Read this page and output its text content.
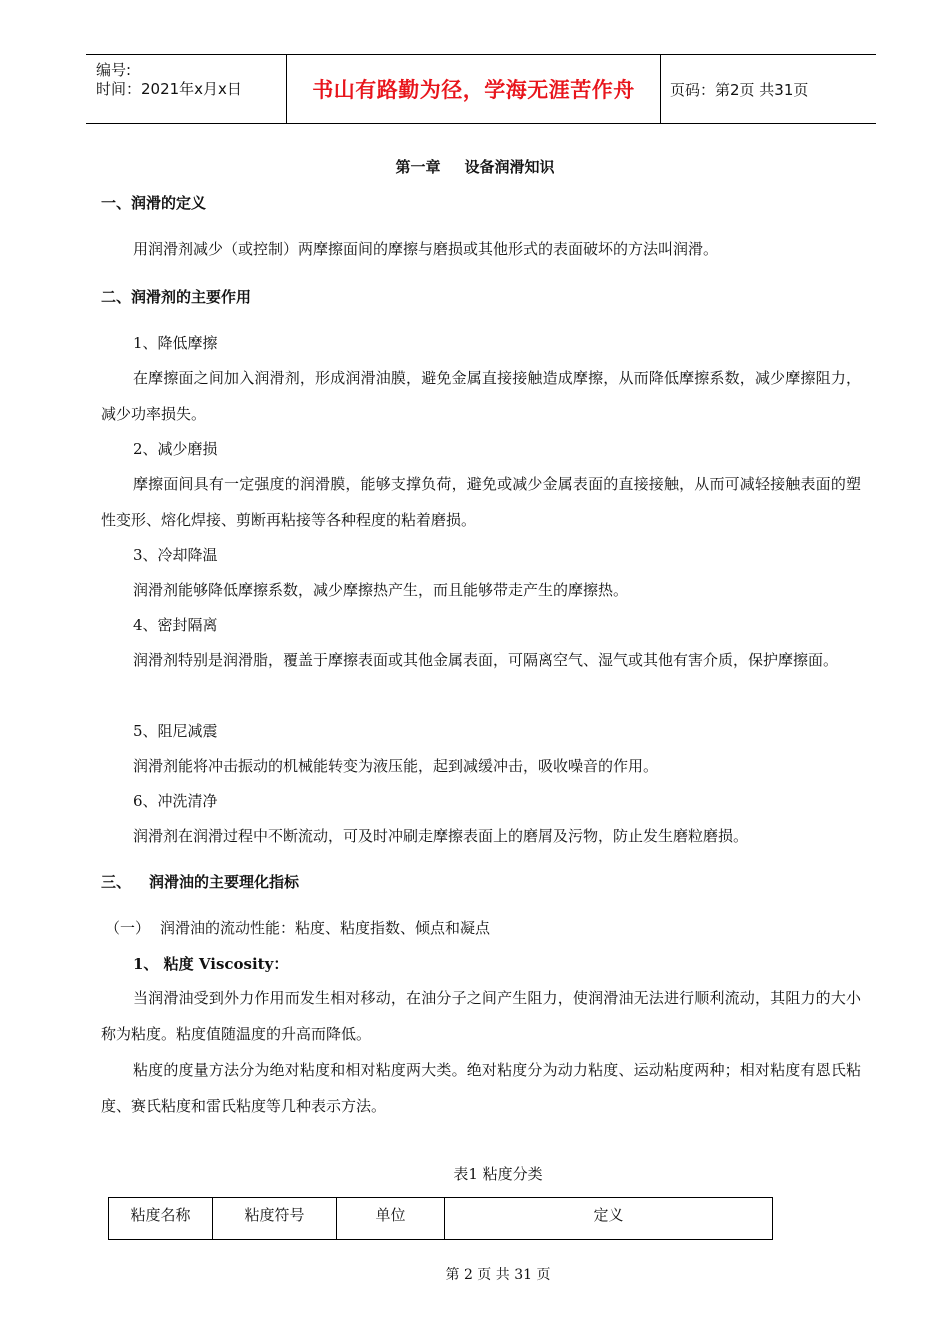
编号:
时间：2021年x月x日	书山有路勤为径，学海无涯苦作舟	页码：第2页 共31页
第一章 设备润滑知识
一、润滑的定义
用润滑剂减少（或控制）两摩擦面间的摩擦与磨损或其他形式的表面破坏的方法叫润滑。
二、润滑剂的主要作用
1、降低摩擦
在摩擦面之间加入润滑剂，形成润滑油膜，避免金属直接接触造成摩擦，从而降低摩擦系数，减少摩擦阻力，减少功率损失。
2、减少磨损
摩擦面间具有一定强度的润滑膜，能够支撑负荷，避免或减少金属表面的直接接触，从而可减轻接触表面的塑性变形、熔化焊接、剪断再粘接等各种程度的粘着磨损。
3、冷却降温
润滑剂能够降低摩擦系数，减少摩擦热产生，而且能够带走产生的摩擦热。
4、密封隔离
润滑剂特别是润滑脂，覆盖于摩擦表面或其他金属表面，可隔离空气、湿气或其他有害介质，保护摩擦面。
5、阻尼减震
润滑剂能将冲击振动的机械能转变为液压能，起到减缓冲击，吸收噪音的作用。
6、冲洗清净
润滑剂在润滑过程中不断流动，可及时冲刷走摩擦表面上的磨屑及污物，防止发生磨粒磨损。
三、 润滑油的主要理化指标
（一） 润滑油的流动性能：粘度、粘度指数、倾点和凝点
1、 粘度 Viscosity：
当润滑油受到外力作用而发生相对移动，在油分子之间产生阻力，使润滑油无法进行顺利流动，其阻力的大小称为粘度。粘度值随温度的升高而降低。
粘度的度量方法分为绝对粘度和相对粘度两大类。绝对粘度分为动力粘度、运动粘度两种；相对粘度有恩氏粘度、赛氏粘度和雷氏粘度等几种表示方法。
表1 粘度分类
粘度名称	粘度符号	单位	定义
第 2 页 共 31 页
